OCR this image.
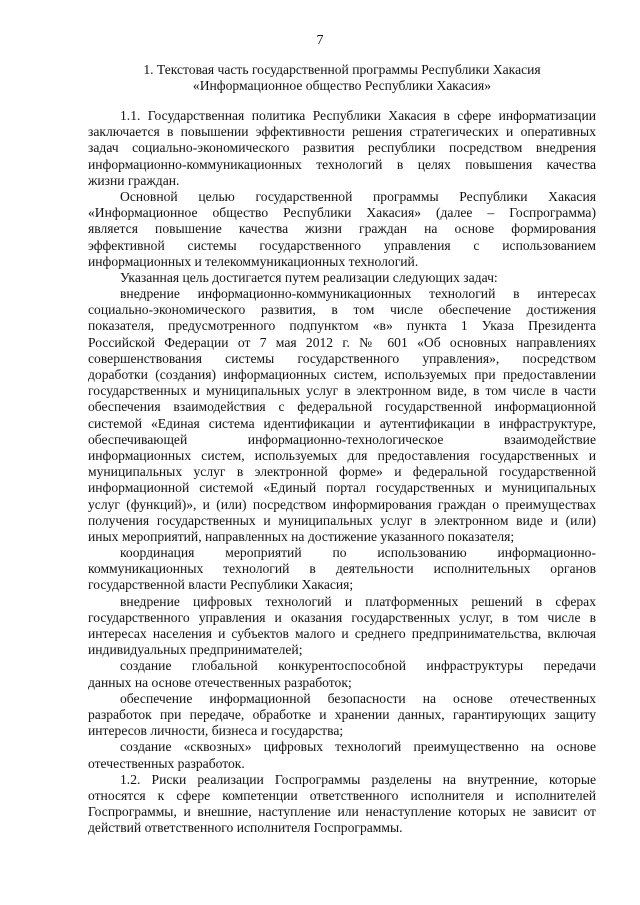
7
1. Текстовая часть государственной программы Республики Хакасия
«Информационное общество Республики Хакасия»
1.1. Государственная политика Республики Хакасия в сфере информатизации
заключается в повышении эффективности решения стратегических и оперативных
задач социально-экономического развития республики посредством внедрения
информационно-коммуникационных технологий в целях повышения качества
жизни граждан.
Основной целью государственной программы Республики Хакасия
«Информационное общество Республики Хакасия» (далее – Госпрограмма)
является повышение качества жизни граждан на основе формирования
эффективной системы государственного управления с использованием
информационных и телекоммуникационных технологий.
Указанная цель достигается путем реализации следующих задач:
внедрение информационно-коммуникационных технологий в интересах
социально-экономического развития, в том числе обеспечение достижения
показателя, предусмотренного подпунктом «в» пункта 1 Указа Президента
Российской Федерации от 7 мая 2012 г. № 601 «Об основных направлениях
совершенствования системы государственного управления», посредством
доработки (создания) информационных систем, используемых при предоставлении
государственных и муниципальных услуг в электронном виде, в том числе в части
обеспечения взаимодействия с федеральной государственной информационной
системой «Единая система идентификации и аутентификации в инфраструктуре,
обеспечивающей информационно-технологическое взаимодействие
информационных систем, используемых для предоставления государственных и
муниципальных услуг в электронной форме» и федеральной государственной
информационной системой «Единый портал государственных и муниципальных
услуг (функций)», и (или) посредством информирования граждан о преимуществах
получения государственных и муниципальных услуг в электронном виде и (или)
иных мероприятий, направленных на достижение указанного показателя;
координация мероприятий по использованию информационно-
коммуникационных технологий в деятельности исполнительных органов
государственной власти Республики Хакасия;
внедрение цифровых технологий и платформенных решений в сферах
государственного управления и оказания государственных услуг, в том числе в
интересах населения и субъектов малого и среднего предпринимательства, включая
индивидуальных предпринимателей;
создание глобальной конкурентоспособной инфраструктуры передачи
данных на основе отечественных разработок;
обеспечение информационной безопасности на основе отечественных
разработок при передаче, обработке и хранении данных, гарантирующих защиту
интересов личности, бизнеса и государства;
создание «сквозных» цифровых технологий преимущественно на основе
отечественных разработок.
1.2. Риски реализации Госпрограммы разделены на внутренние, которые
относятся к сфере компетенции ответственного исполнителя и исполнителей
Госпрограммы, и внешние, наступление или ненаступление которых не зависит от
действий ответственного исполнителя Госпрограммы.
